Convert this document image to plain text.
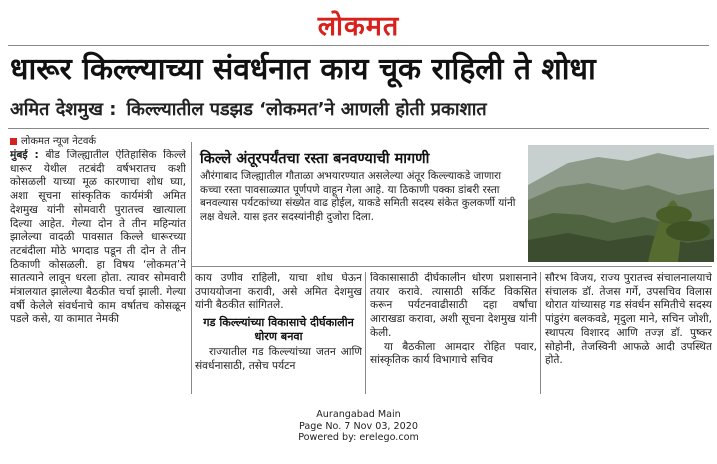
लोकमत
धारूर किल्ल्याच्या संवर्धनात काय चूक राहिली ते शोधा
अमित देशमुख : किल्ल्यातील पडझड ‘लोकमत’ने आणली होती प्रकाशात
लोकमत न्यूज नेटवर्क
मुंबई : बीड जिल्ह्यातील ऐतिहासिक किल्ले धारूर येथील तटबंदी वर्षभरातच कशी कोसळली याच्या मूळ कारणाचा शोध घ्या, अशा सूचना सांस्कृतिक कार्यमंत्री अमित देशमुख यांनी सोमवारी पुरातत्त्व खात्याला दिल्या आहेत. गेल्या दोन ते तीन महिन्यांत झालेल्या वादळी पावसात किल्ले धारूरच्या तटबंदीला मोठे भगदाड पडून ती दोन ते तीन ठिकाणी कोसळली. हा विषय ‘लोकमत’ने सातत्याने लावून धरला होता. त्यावर सोमवारी मंत्रालयात झालेल्या बैठकीत चर्चा झाली. गेल्या वर्षी केलेले संवर्धनाचे काम वर्षातच कोसळून पडले कसे, या कामात नेमकी
किल्ले अंतूरपर्यंतचा रस्ता बनवण्याची मागणी
औरंगाबाद जिल्ह्यातील गौताळा अभयारण्यात असलेल्या अंतूर किल्ल्याकडे जाणारा कच्चा रस्ता पावसाळ्यात पूर्णपणे वाहून गेला आहे. या ठिकाणी पक्का डांबरी रस्ता बनवल्यास पर्यटकांच्या संख्येत वाढ होईल, याकडे समिती सदस्य संकेत कुलकर्णी यांनी लक्ष वेधले. यास इतर सदस्यांनीही दुजोरा दिला.
काय उणीव राहिली, याचा शोध घेऊन उपाययोजना करावी, असे अमित देशमुख यांनी बैठकीत सांगितले.
गड किल्ल्यांच्या विकासाचे दीर्घकालीन धोरण बनवा
राज्यातील गड किल्ल्यांच्या जतन आणि संवर्धनासाठी, तसेच पर्यटन
विकासासाठी दीर्घकालीन धोरण प्रशासनाने तयार करावे. त्यासाठी सर्किट विकसित करून पर्यटनवाढीसाठी दहा वर्षांचा आराखडा करावा, अशी सूचना देशमुख यांनी केली.
या बैठकीला आमदार रोहित पवार, सांस्कृतिक कार्य विभागाचे सचिव
सौरभ विजय, राज्य पुरातत्त्व संचालनालयाचे संचालक डॉ. तेजस गर्गे, उपसचिव विलास थोरात यांच्यासह गड संवर्धन समितीचे सदस्य पांडुरंग बलकवडे, मृदुला माने, सचिन जोशी, स्थापत्य विशारद आणि तज्ज्ञ डॉ. पुष्कर सोहोनी, तेजस्विनी आफळे आदी उपस्थित होते.
Aurangabad Main
Page No. 7 Nov 03, 2020
Powered by: erelego.com
